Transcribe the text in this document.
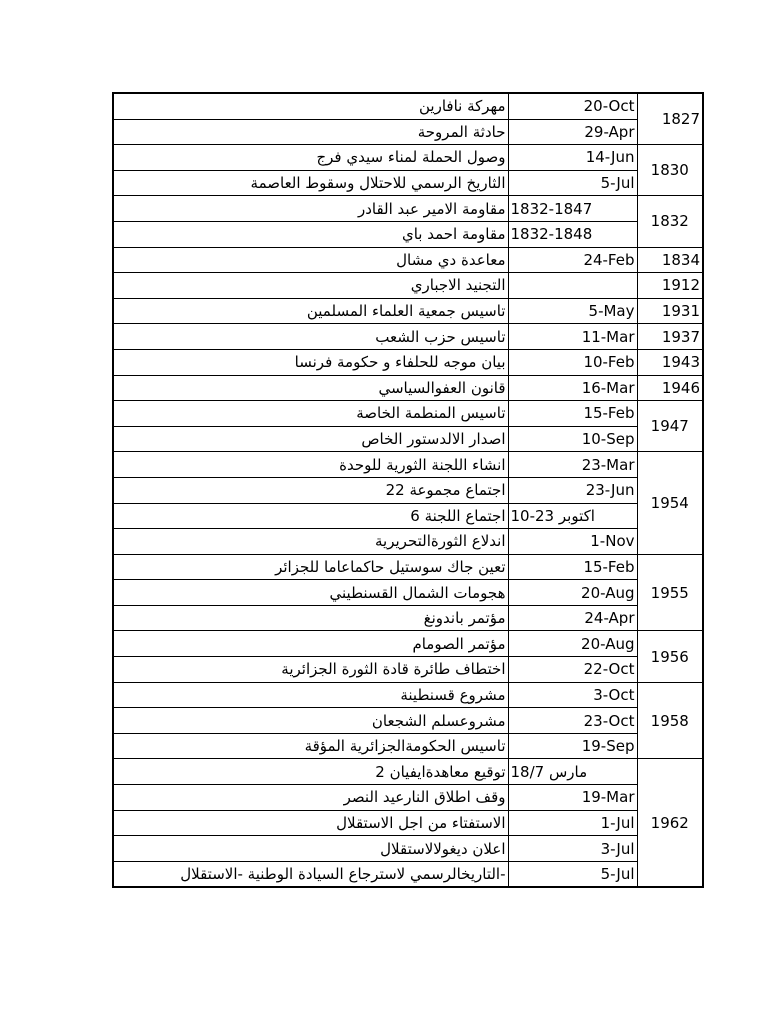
مهركة نافارين	20-Oct	1827
حادثة المروحة	29-Apr	
وصول الحملة لمناء سيدي فرج	14-Jun	1830
الثاريخ الرسمي للاحتلال وسقوط العاصمة	5-Jul	
مقاومة الامير عبد القادر	1832-1847	1832
مقاومة احمد باي	1832-1848	
معاعدة دي مشال	24-Feb	1834
التجنيد الاجباري		1912
تاسيس جمعية العلماء المسلمين	5-May	1931
تاسيس حزب الشعب	11-Mar	1937
بيان موجه للحلفاء و حكومة فرنسا	10-Feb	1943
قانون العفوالسياسي	16-Mar	1946
تاسيس المنطمة الخاصة	15-Feb	1947
اصدار الالدستور الخاص	10-Sep	
انشاء اللجنة الثورية للوحدة	23-Mar	1954
اجتماع مجموعة 22	23-Jun	
اجتماع اللجنة 6	اكتوبر 23-10	
اندلاع الثورةالتحريرية	1-Nov	
تعين جاك سوستيل حاكماعاما للجزائر	15-Feb	1955
هجومات الشمال القسنطيني	20-Aug	
مؤتمر باندونغ	24-Apr	
مؤتمر الصومام	20-Aug	1956
اختطاف طائرة قادة الثورة الجزائرية	22-Oct	
مشروع قسنطينة	3-Oct	1958
مشروعسلم الشجعان	23-Oct	
تاسيس الحكومةالجزائرية المؤقة	19-Sep	
توقيع معاهدةايفيان 2	مارس 18/7	1962
وقف اطلاق النارعيد النصر	19-Mar	
الاستفتاء من اجل الاستقلال	1-Jul	
اعلان ديغولالاستقلال	3-Jul	
-التاريخالرسمي لاسترجاع السيادة الوطنية -الاستقلال	5-Jul	
